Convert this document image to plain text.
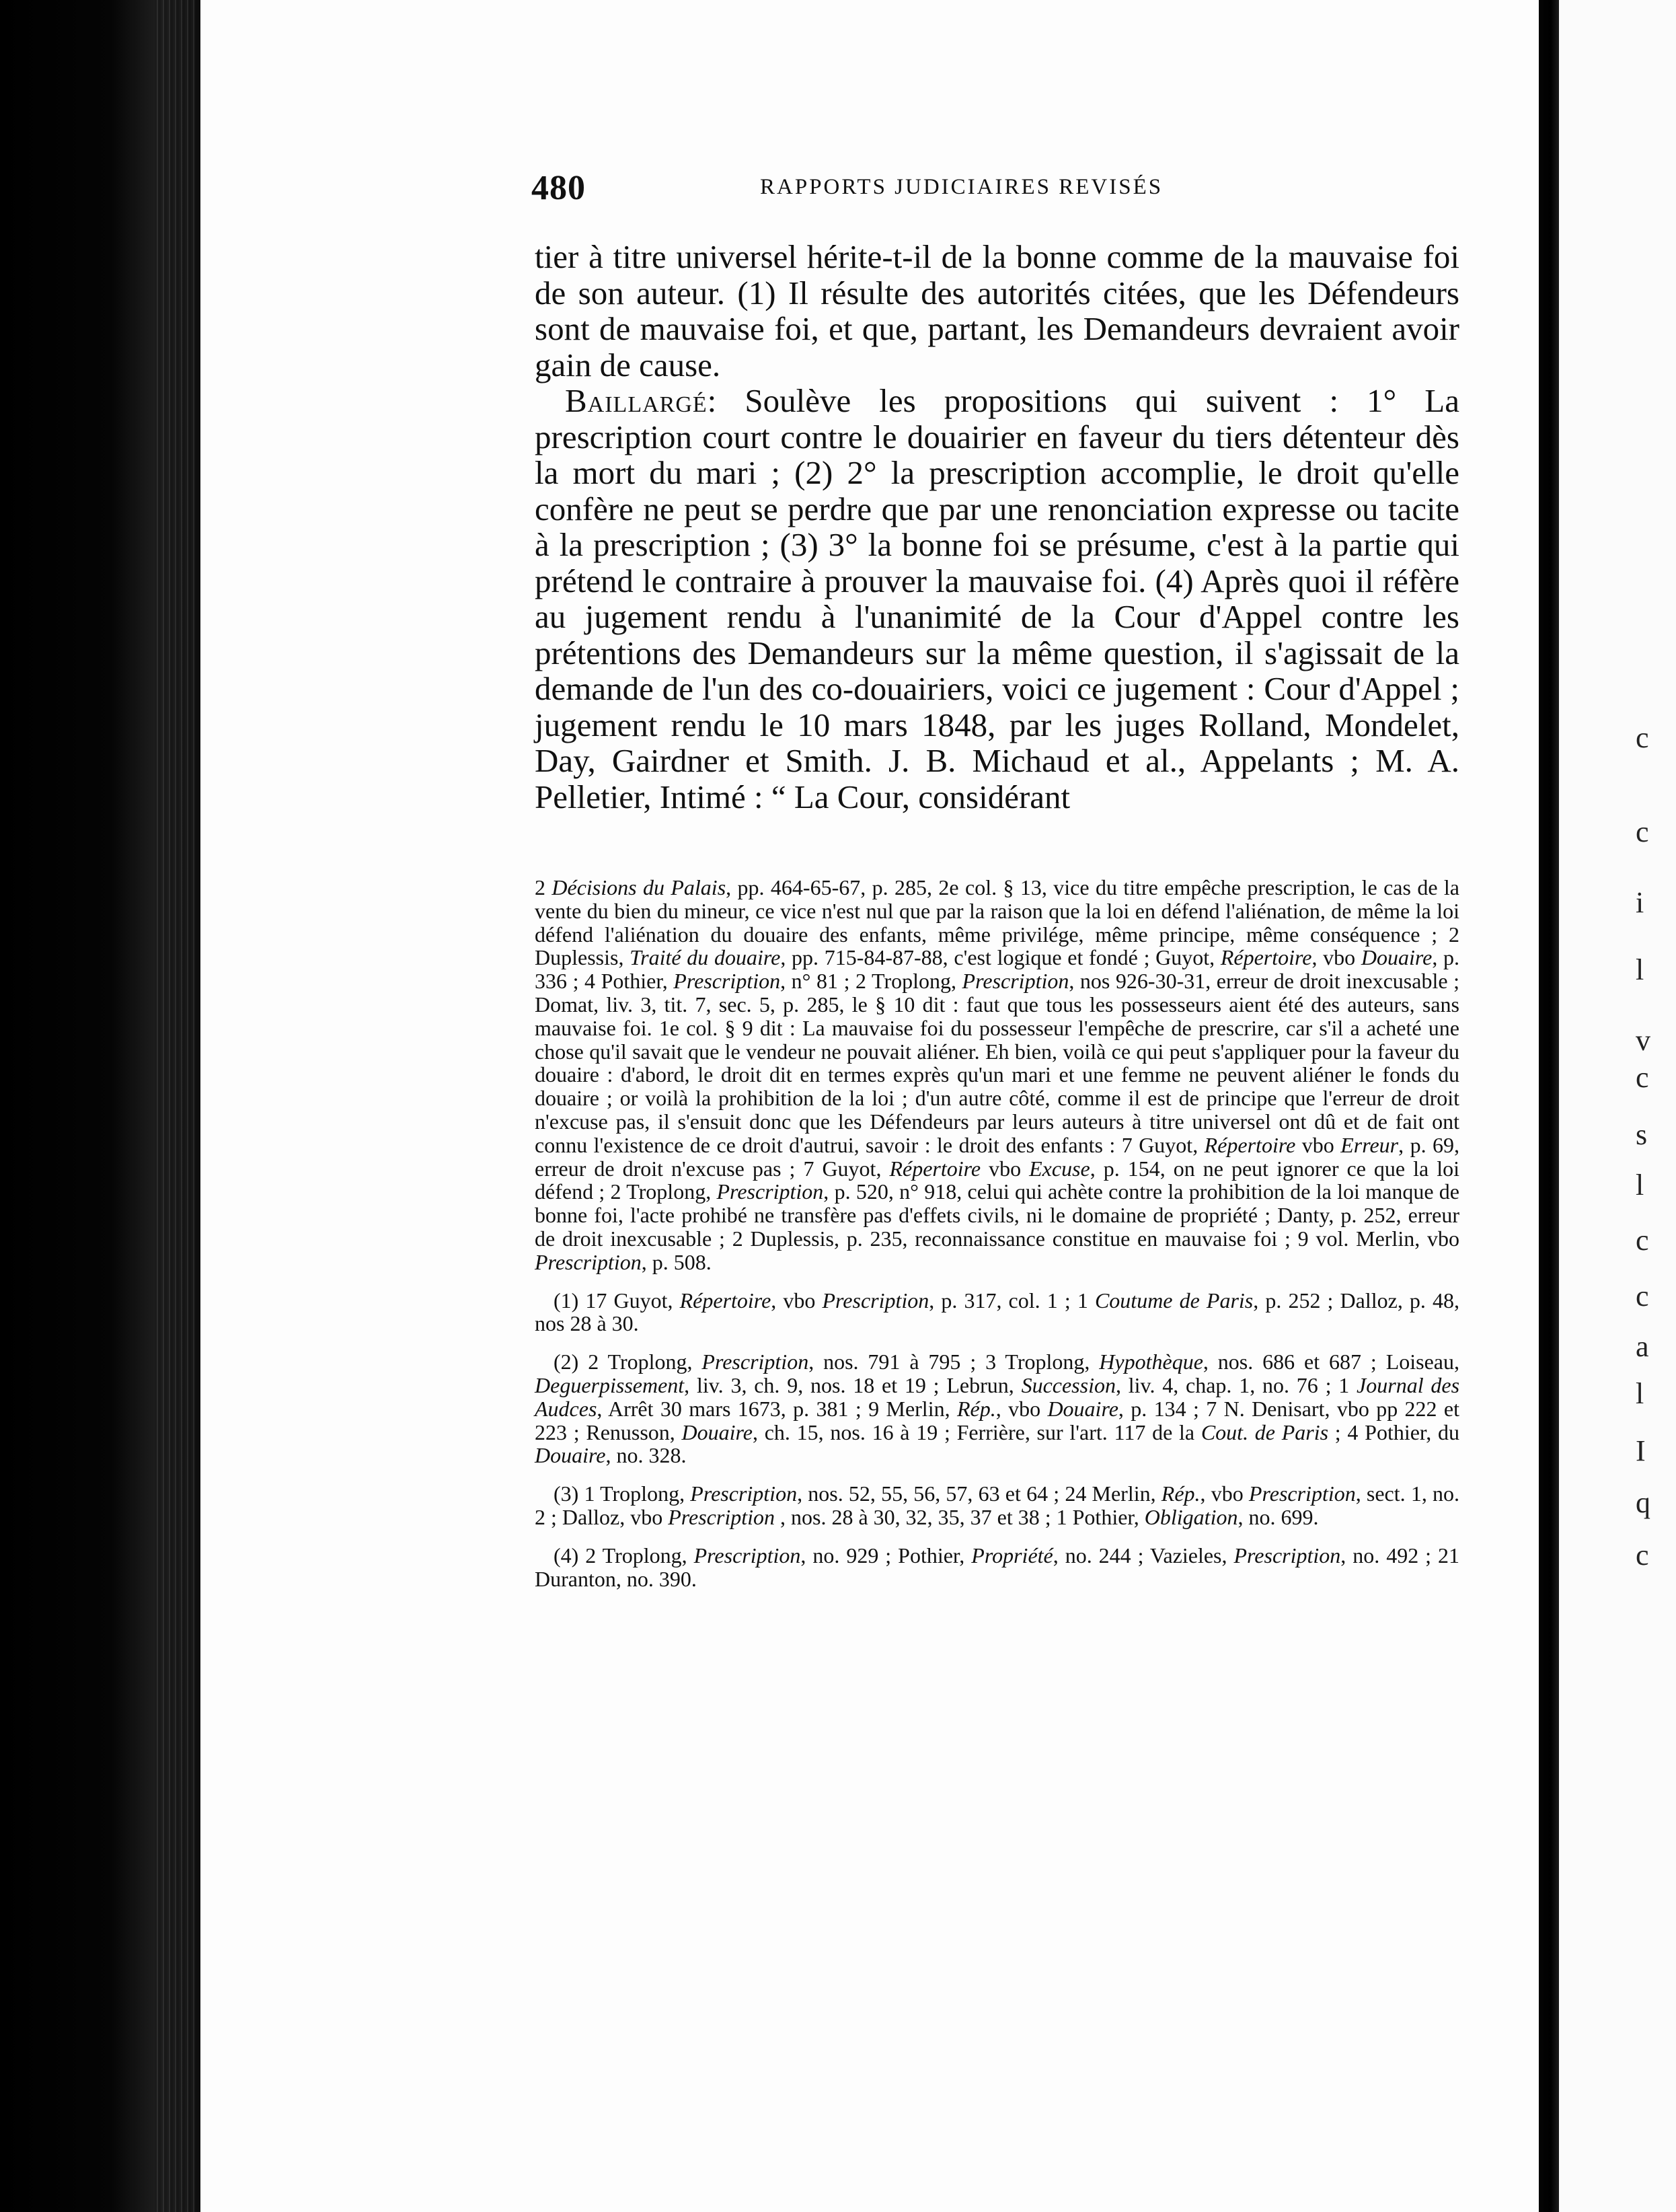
c
c
i
l
v
c
s
l
c
c
a
l
I
q
c
480	RAPPORTS JUDICIAIRES REVISÉS

tier à titre universel hérite-t-il de la bonne comme de la mauvaise foi de son auteur. (1) Il résulte des autorités citées, que les Défendeurs sont de mauvaise foi, et que, partant, les Demandeurs devraient avoir gain de cause.

Baillargé: Soulève les propositions qui suivent : 1° La prescription court contre le douairier en faveur du tiers détenteur dès la mort du mari ; (2) 2° la prescription accomplie, le droit qu'elle confère ne peut se perdre que par une renonciation expresse ou tacite à la prescription ; (3) 3° la bonne foi se présume, c'est à la partie qui prétend le contraire à prouver la mauvaise foi. (4) Après quoi il réfère au jugement rendu à l'unanimité de la Cour d'Appel contre les prétentions des Demandeurs sur la même question, il s'agissait de la demande de l'un des co-douairiers, voici ce jugement : Cour d'Appel ; jugement rendu le 10 mars 1848, par les juges Rolland, Mondelet, Day, Gairdner et Smith. J. B. Michaud et al., Appelants ; M. A. Pelletier, Intimé : “ La Cour, considérant

2 Décisions du Palais, pp. 464-65-67, p. 285, 2e col. § 13, vice du titre empêche prescription, le cas de la vente du bien du mineur, ce vice n'est nul que par la raison que la loi en défend l'aliénation, de même la loi défend l'aliénation du douaire des enfants, même privilége, même principe, même conséquence ; 2 Duplessis, Traité du douaire, pp. 715-84-87-88, c'est logique et fondé ; Guyot, Répertoire, vbo Douaire, p. 336 ; 4 Pothier, Prescription, n° 81 ; 2 Troplong, Prescription, nos 926-30-31, erreur de droit inexcusable ; Domat, liv. 3, tit. 7, sec. 5, p. 285, le § 10 dit : faut que tous les possesseurs aient été des auteurs, sans mauvaise foi. 1e col. § 9 dit : La mauvaise foi du possesseur l'empêche de prescrire, car s'il a acheté une chose qu'il savait que le vendeur ne pouvait aliéner. Eh bien, voilà ce qui peut s'appliquer pour la faveur du douaire : d'abord, le droit dit en termes exprès qu'un mari et une femme ne peuvent aliéner le fonds du douaire ; or voilà la prohibition de la loi ; d'un autre côté, comme il est de principe que l'erreur de droit n'excuse pas, il s'ensuit donc que les Défendeurs par leurs auteurs à titre universel ont dû et de fait ont connu l'existence de ce droit d'autrui, savoir : le droit des enfants : 7 Guyot, Répertoire vbo Erreur, p. 69, erreur de droit n'excuse pas ; 7 Guyot, Répertoire vbo Excuse, p. 154, on ne peut ignorer ce que la loi défend ; 2 Troplong, Prescription, p. 520, n° 918, celui qui achète contre la prohibition de la loi manque de bonne foi, l'acte prohibé ne transfère pas d'effets civils, ni le domaine de propriété ; Danty, p. 252, erreur de droit inexcusable ; 2 Duplessis, p. 235, reconnaissance constitue en mauvaise foi ; 9 vol. Merlin, vbo Prescription, p. 508.

(1) 17 Guyot, Répertoire, vbo Prescription, p. 317, col. 1 ; 1 Coutume de Paris, p. 252 ; Dalloz, p. 48, nos 28 à 30.

(2) 2 Troplong, Prescription, nos. 791 à 795 ; 3 Troplong, Hypothèque, nos. 686 et 687 ; Loiseau, Deguerpissement, liv. 3, ch. 9, nos. 18 et 19 ; Lebrun, Succession, liv. 4, chap. 1, no. 76 ; 1 Journal des Audces, Arrêt 30 mars 1673, p. 381 ; 9 Merlin, Rép., vbo Douaire, p. 134 ; 7 N. Denisart, vbo pp 222 et 223 ; Renusson, Douaire, ch. 15, nos. 16 à 19 ; Ferrière, sur l'art. 117 de la Cout. de Paris ; 4 Pothier, du Douaire, no. 328.

(3) 1 Troplong, Prescription, nos. 52, 55, 56, 57, 63 et 64 ; 24 Merlin, Rép., vbo Prescription, sect. 1, no. 2 ; Dalloz, vbo Prescription , nos. 28 à 30, 32, 35, 37 et 38 ; 1 Pothier, Obligation, no. 699.

(4) 2 Troplong, Prescription, no. 929 ; Pothier, Propriété, no. 244 ; Vazieles, Prescription, no. 492 ; 21 Duranton, no. 390.
